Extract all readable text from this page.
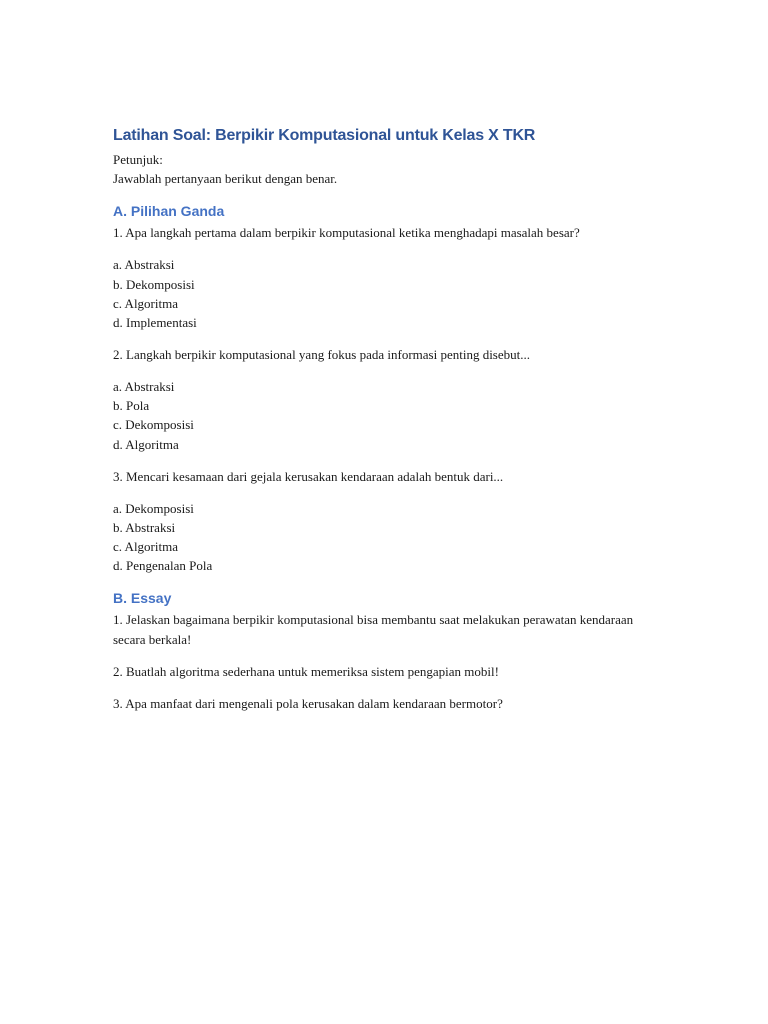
Latihan Soal: Berpikir Komputasional untuk Kelas X TKR

Petunjuk:

Jawablah pertanyaan berikut dengan benar.

A. Pilihan Ganda

1. Apa langkah pertama dalam berpikir komputasional ketika menghadapi masalah besar?

a. Abstraksi
b. Dekomposisi
c. Algoritma
d. Implementasi

2. Langkah berpikir komputasional yang fokus pada informasi penting disebut...

a. Abstraksi
b. Pola
c. Dekomposisi
d. Algoritma

3. Mencari kesamaan dari gejala kerusakan kendaraan adalah bentuk dari...

a. Dekomposisi
b. Abstraksi
c. Algoritma
d. Pengenalan Pola
B. Essay

1. Jelaskan bagaimana berpikir komputasional bisa membantu saat melakukan perawatan kendaraan secara berkala!

2. Buatlah algoritma sederhana untuk memeriksa sistem pengapian mobil!

3. Apa manfaat dari mengenali pola kerusakan dalam kendaraan bermotor?
